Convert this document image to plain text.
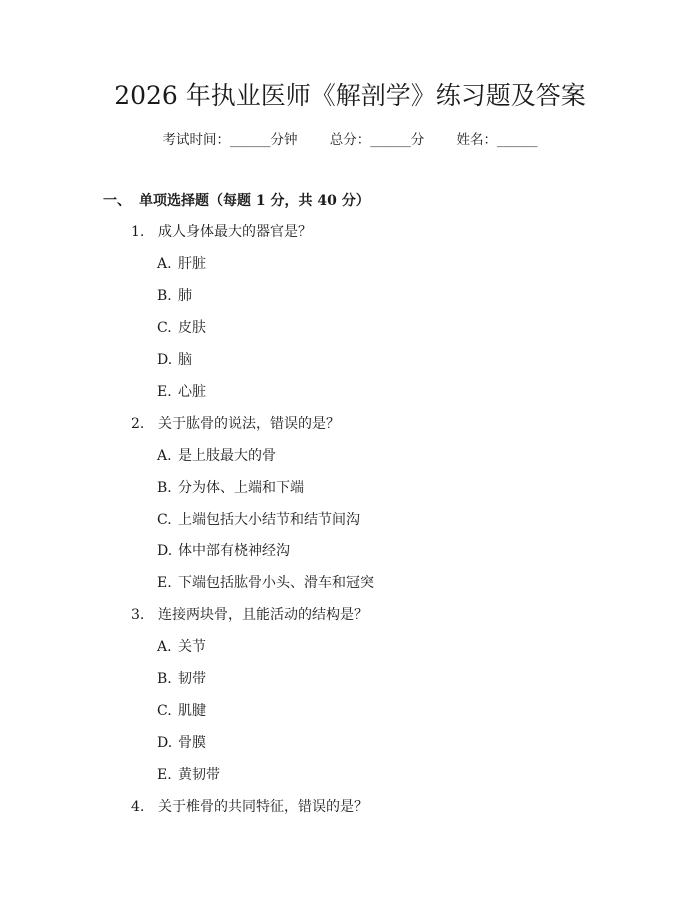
2026 年执业医师《解剖学》练习题及答案
考试时间：______分钟 总分：______分 姓名：______
一、 单项选择题（每题 1 分，共 40 分）
1. 成人身体最大的器官是？
A. 肝脏
B. 肺
C. 皮肤
D. 脑
E. 心脏
2. 关于肱骨的说法，错误的是？
A. 是上肢最大的骨
B. 分为体、上端和下端
C. 上端包括大小结节和结节间沟
D. 体中部有桡神经沟
E. 下端包括肱骨小头、滑车和冠突
3. 连接两块骨，且能活动的结构是？
A. 关节
B. 韧带
C. 肌腱
D. 骨膜
E. 黄韧带
4. 关于椎骨的共同特征，错误的是？
